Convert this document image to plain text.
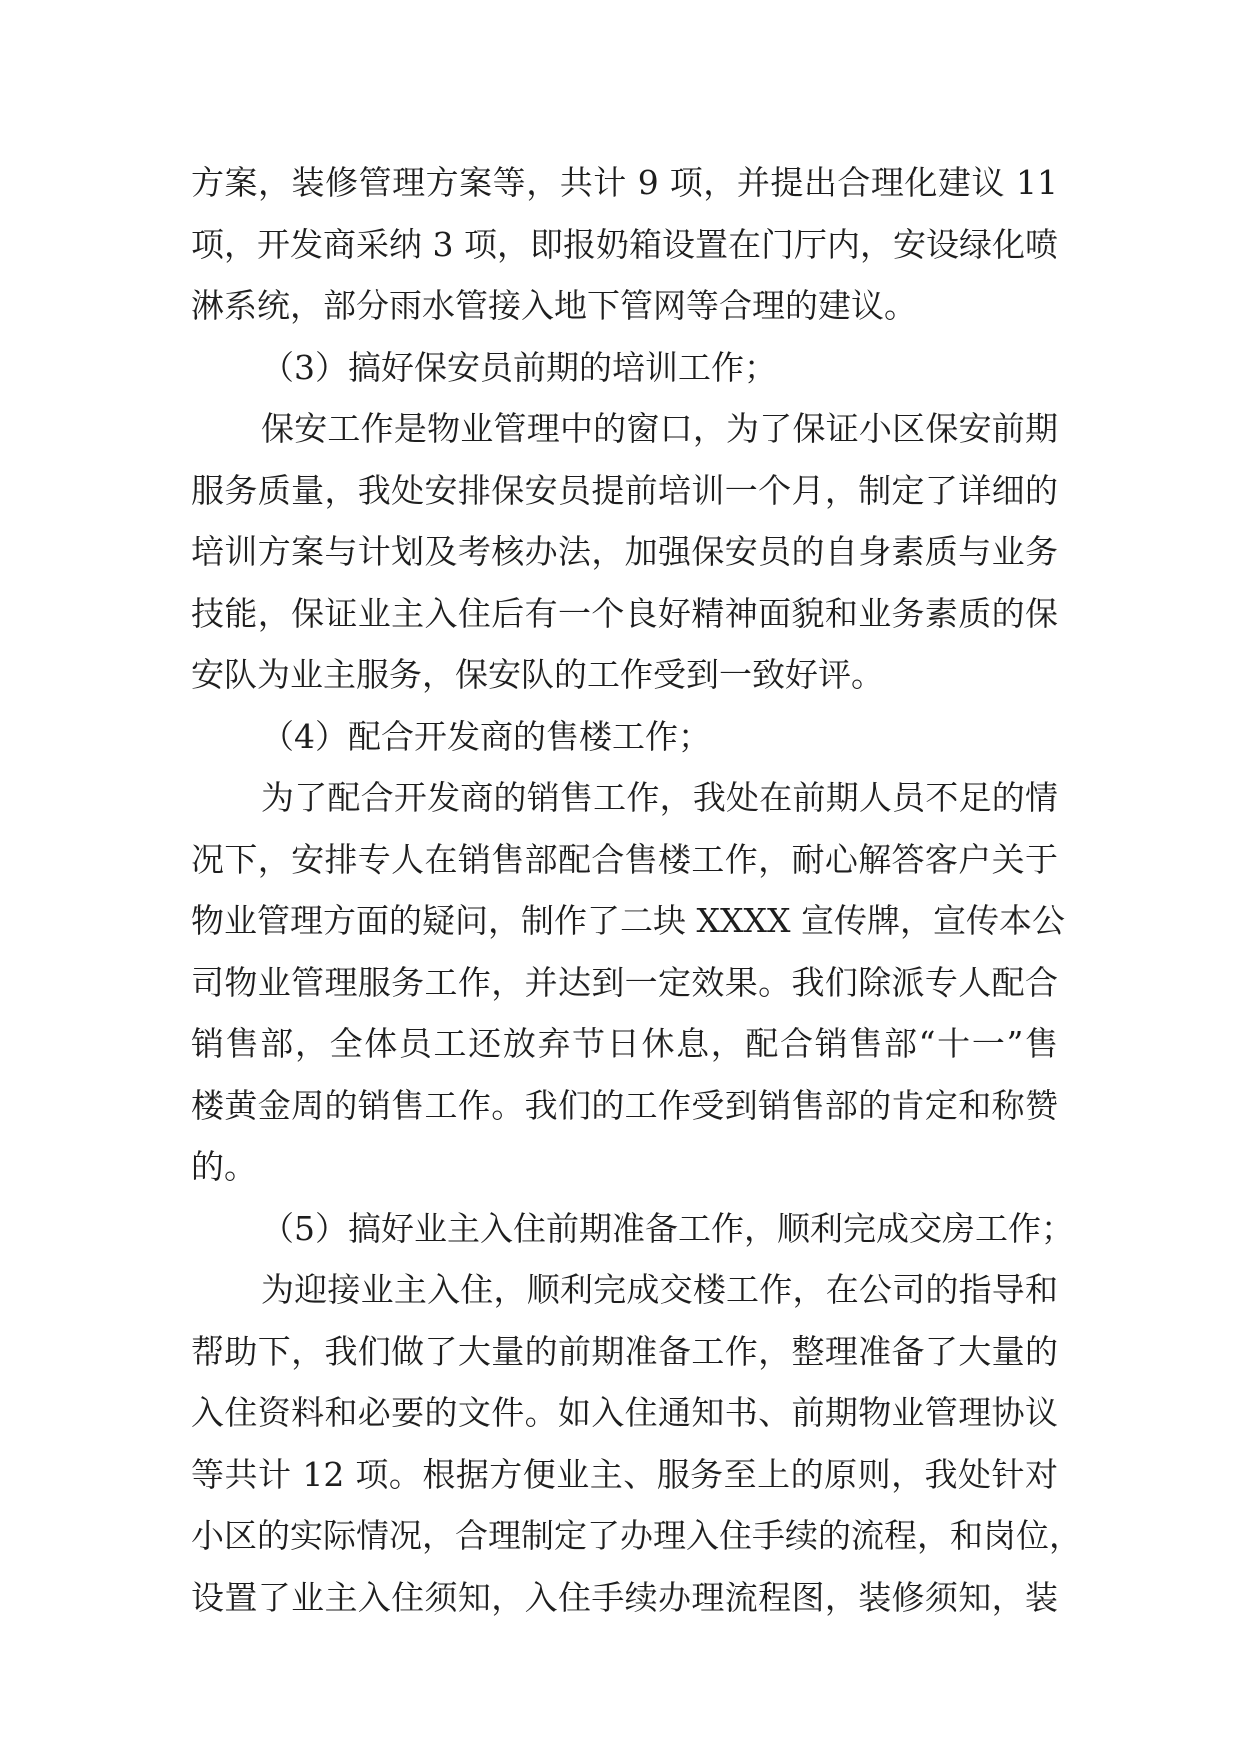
方案，装修管理方案等，共计 9 项，并提出合理化建议 11
项，开发商采纳 3 项，即报奶箱设置在门厅内，安设绿化喷
淋系统，部分雨水管接入地下管网等合理的建议。
（3）搞好保安员前期的培训工作；
保安工作是物业管理中的窗口，为了保证小区保安前期
服务质量，我处安排保安员提前培训一个月，制定了详细的
培训方案与计划及考核办法，加强保安员的自身素质与业务
技能，保证业主入住后有一个良好精神面貌和业务素质的保
安队为业主服务，保安队的工作受到一致好评。
（4）配合开发商的售楼工作；
为了配合开发商的销售工作，我处在前期人员不足的情
况下，安排专人在销售部配合售楼工作，耐心解答客户关于
物业管理方面的疑问，制作了二块 XXXX 宣传牌，宣传本公
司物业管理服务工作，并达到一定效果。我们除派专人配合
销售部，全体员工还放弃节日休息，配合销售部“十一”售
楼黄金周的销售工作。我们的工作受到销售部的肯定和称赞
的。
（5）搞好业主入住前期准备工作，顺利完成交房工作；
为迎接业主入住，顺利完成交楼工作，在公司的指导和
帮助下，我们做了大量的前期准备工作，整理准备了大量的
入住资料和必要的文件。如入住通知书、前期物业管理协议
等共计 12 项。根据方便业主、服务至上的原则，我处针对
小区的实际情况，合理制定了办理入住手续的流程，和岗位，
设置了业主入住须知，入住手续办理流程图，装修须知，装
